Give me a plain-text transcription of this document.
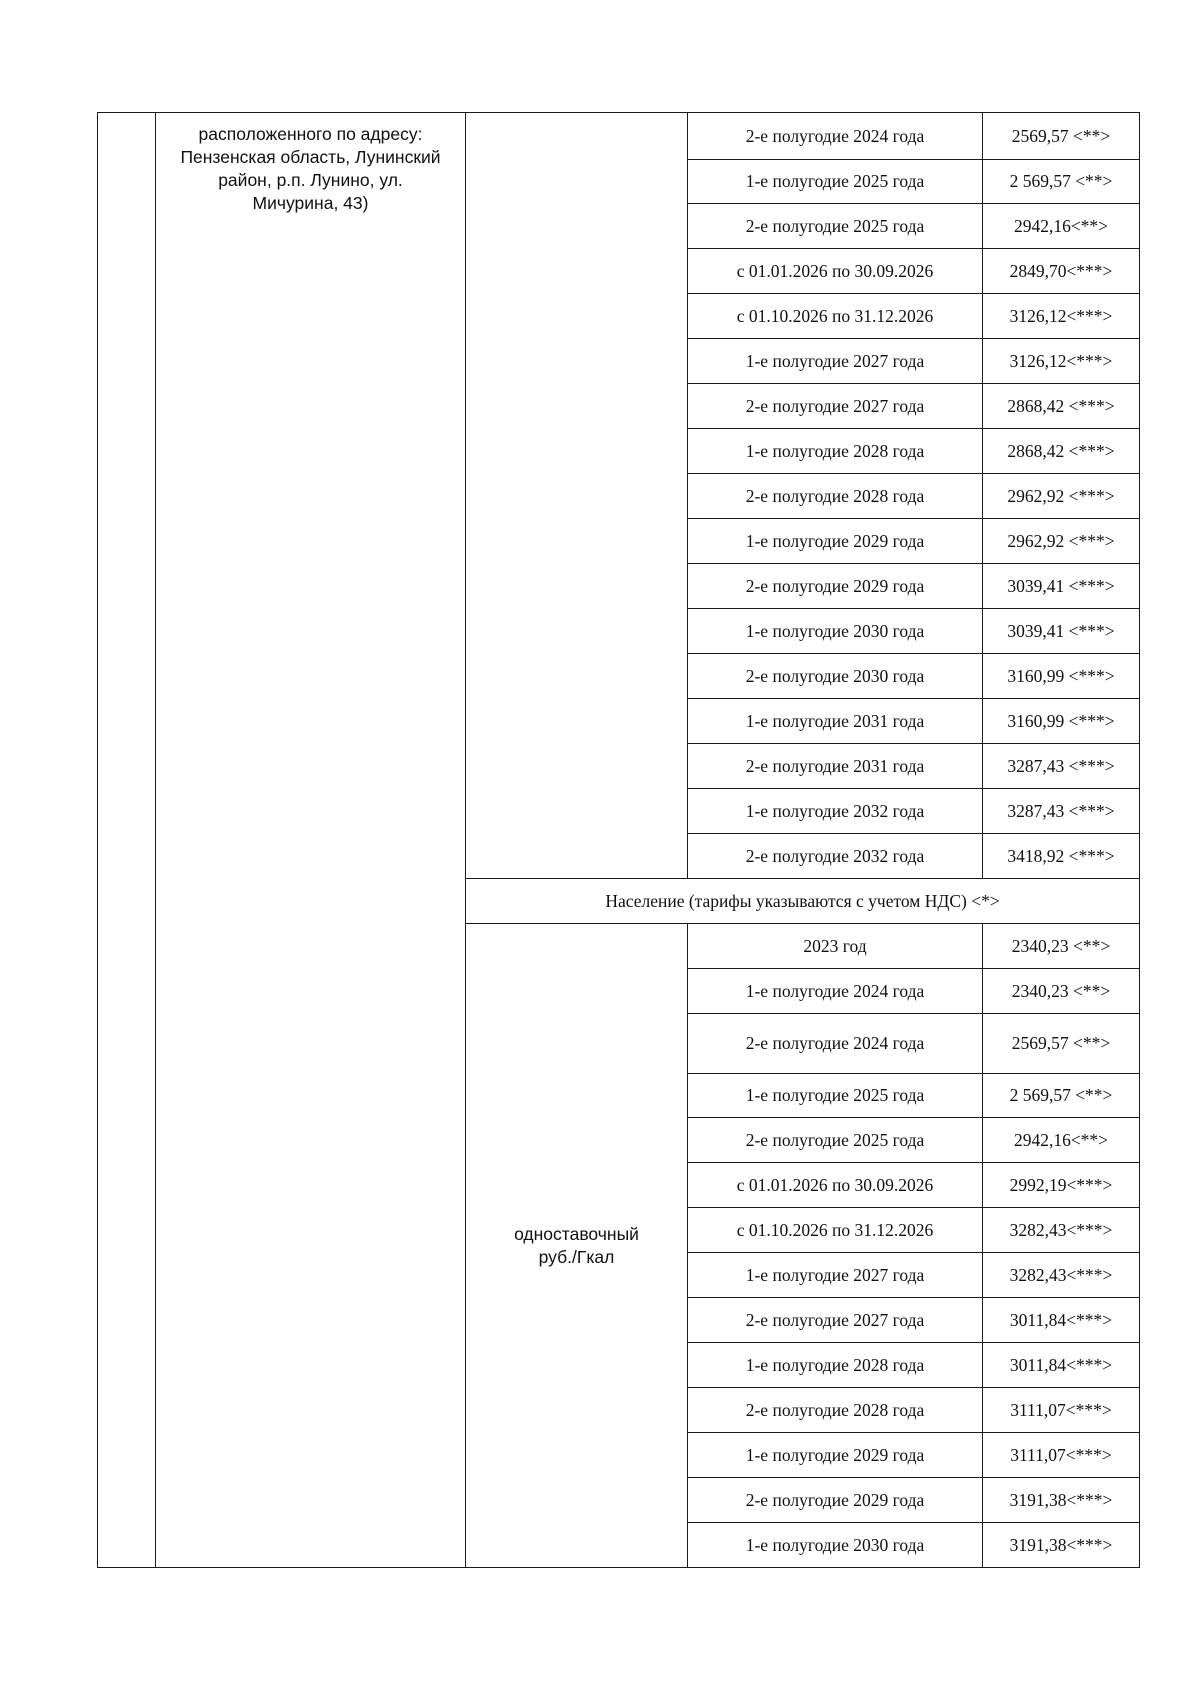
	расположенного по адресу:
Пензенская область, Лунинский
район, р.п. Лунино, ул.
Мичурина, 43)		2-е полугодие 2024 года	2569,57 <**>
			1-е полугодие 2025 года	2 569,57 <**>
			2-е полугодие 2025 года	2942,16<**>
			с 01.01.2026 по 30.09.2026	2849,70<***>
			с 01.10.2026 по 31.12.2026	3126,12<***>
			1-е полугодие 2027 года	3126,12<***>
			2-е полугодие 2027 года	2868,42 <***>
			1-е полугодие 2028 года	2868,42 <***>
			2-е полугодие 2028 года	2962,92 <***>
			1-е полугодие 2029 года	2962,92 <***>
			2-е полугодие 2029 года	3039,41 <***>
			1-е полугодие 2030 года	3039,41 <***>
			2-е полугодие 2030 года	3160,99 <***>
			1-е полугодие 2031 года	3160,99 <***>
			2-е полугодие 2031 года	3287,43 <***>
			1-е полугодие 2032 года	3287,43 <***>
			2-е полугодие 2032 года	3418,92 <***>
		Население (тарифы указываются с учетом НДС) <*>		

		одноставочный
руб./Гкал	2023 год	2340,23 <**>
			1-е полугодие 2024 года	2340,23 <**>
			2-е полугодие 2024 года	2569,57 <**>
			1-е полугодие 2025 года	2 569,57 <**>
			2-е полугодие 2025 года	2942,16<**>
			с 01.01.2026 по 30.09.2026	2992,19<***>
			с 01.10.2026 по 31.12.2026	3282,43<***>
			1-е полугодие 2027 года	3282,43<***>
			2-е полугодие 2027 года	3011,84<***>
			1-е полугодие 2028 года	3011,84<***>
			2-е полугодие 2028 года	3111,07<***>
			1-е полугодие 2029 года	3111,07<***>
			2-е полугодие 2029 года	3191,38<***>
			1-е полугодие 2030 года	3191,38<***>
